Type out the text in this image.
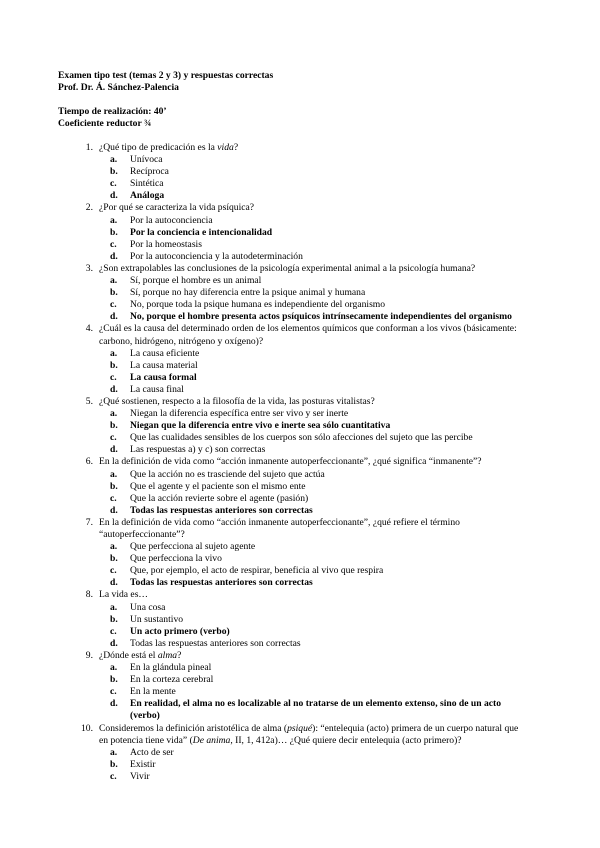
Examen tipo test (temas 2 y 3) y respuestas correctas
Prof. Dr. Á. Sánchez-Palencia
Tiempo de realización: 40’
Coeficiente reductor ¾
1. ¿Qué tipo de predicación es la vida?
a.	Unívoca
b.	Recíproca
c.	Sintética
d.	Análoga
2. ¿Por qué se caracteriza la vida psíquica?
a.	Por la autoconciencia
b.	Por la conciencia e intencionalidad
c.	Por la homeostasis
d.	Por la autoconciencia y la autodeterminación
3. ¿Son extrapolables las conclusiones de la psicología experimental animal a la psicología humana?
a.	Sí, porque el hombre es un animal
b.	Sí, porque no hay diferencia entre la psique animal y humana
c.	No, porque toda la psique humana es independiente del organismo
d.	No, porque el hombre presenta actos psíquicos intrínsecamente independientes del organismo
4. ¿Cuál es la causa del determinado orden de los elementos químicos que conforman a los vivos (básicamente: carbono, hidrógeno, nitrógeno y oxígeno)?
a.	La causa eficiente
b.	La causa material
c.	La causa formal
d.	La causa final
5. ¿Qué sostienen, respecto a la filosofía de la vida, las posturas vitalistas?
a.	Niegan la diferencia específica entre ser vivo y ser inerte
b.	Niegan que la diferencia entre vivo e inerte sea sólo cuantitativa
c.	Que las cualidades sensibles de los cuerpos son sólo afecciones del sujeto que las percibe
d.	Las respuestas a) y c) son correctas
6. En la definición de vida como “acción inmanente autoperfeccionante”, ¿qué significa “inmanente”?
a.	Que la acción no es trasciende del sujeto que actúa
b.	Que el agente y el paciente son el mismo ente
c.	Que la acción revierte sobre el agente (pasión)
d.	Todas las respuestas anteriores son correctas
7. En la definición de vida como “acción inmanente autoperfeccionante”, ¿qué refiere el término “autoperfeccionante”?
a.	Que perfecciona al sujeto agente
b.	Que perfecciona la vivo
c.	Que, por ejemplo, el acto de respirar, beneficia al vivo que respira
d.	Todas las respuestas anteriores son correctas
8. La vida es…
a.	Una cosa
b.	Un sustantivo
c.	Un acto primero (verbo)
d.	Todas las respuestas anteriores son correctas
9. ¿Dónde está el alma?
a.	En la glándula pineal
b.	En la corteza cerebral
c.	En la mente
d.	En realidad, el alma no es localizable al no tratarse de un elemento extenso, sino de un acto (verbo)
10. Consideremos la definición aristotélica de alma (psiqué): “entelequia (acto) primera de un cuerpo natural que en potencia tiene vida” (De anima, II, 1, 412a)… ¿Qué quiere decir entelequia (acto primero)?
a.	Acto de ser
b.	Existir
c.	Vivir
